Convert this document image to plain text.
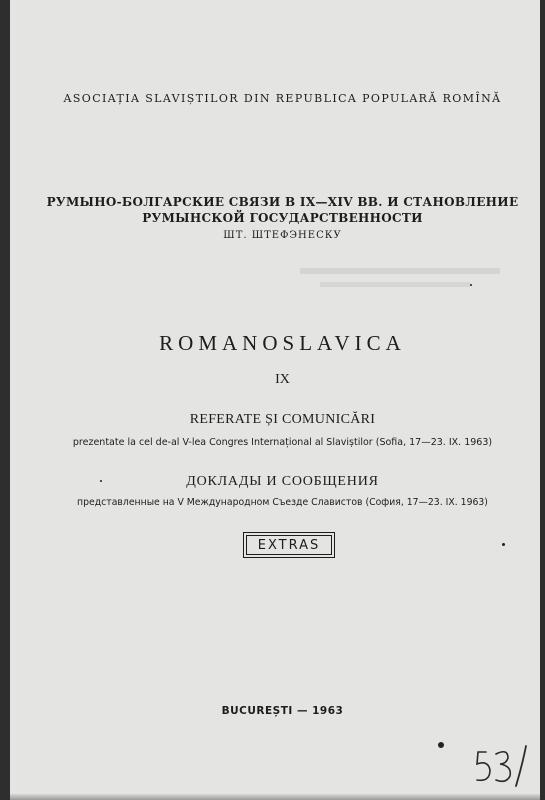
ASOCIAȚIA SLAVIȘTILOR DIN REPUBLICA POPULARĂ ROMÎNĂ
РУМЫНО-БОЛГАРСКИЕ СВЯЗИ В IX—XIV ВВ. И СТАНОВЛЕНИЕ
РУМЫНСКОЙ ГОСУДАРСТВЕННОСТИ
ШТ. ШТЕФЭНЕСКУ
ROMANOSLAVICA
IX
REFERATE ȘI COMUNICĂRI
prezentate la cel de-al V-lea Congres Internațional al Slaviștilor (Sofia, 17—23. IX. 1963)
ДОКЛАДЫ И СООБЩЕНИЯ
представленные на V Международном Съезде Славистов (София, 17—23. IX. 1963)
EXTRAS
BUCUREȘTI — 1963
